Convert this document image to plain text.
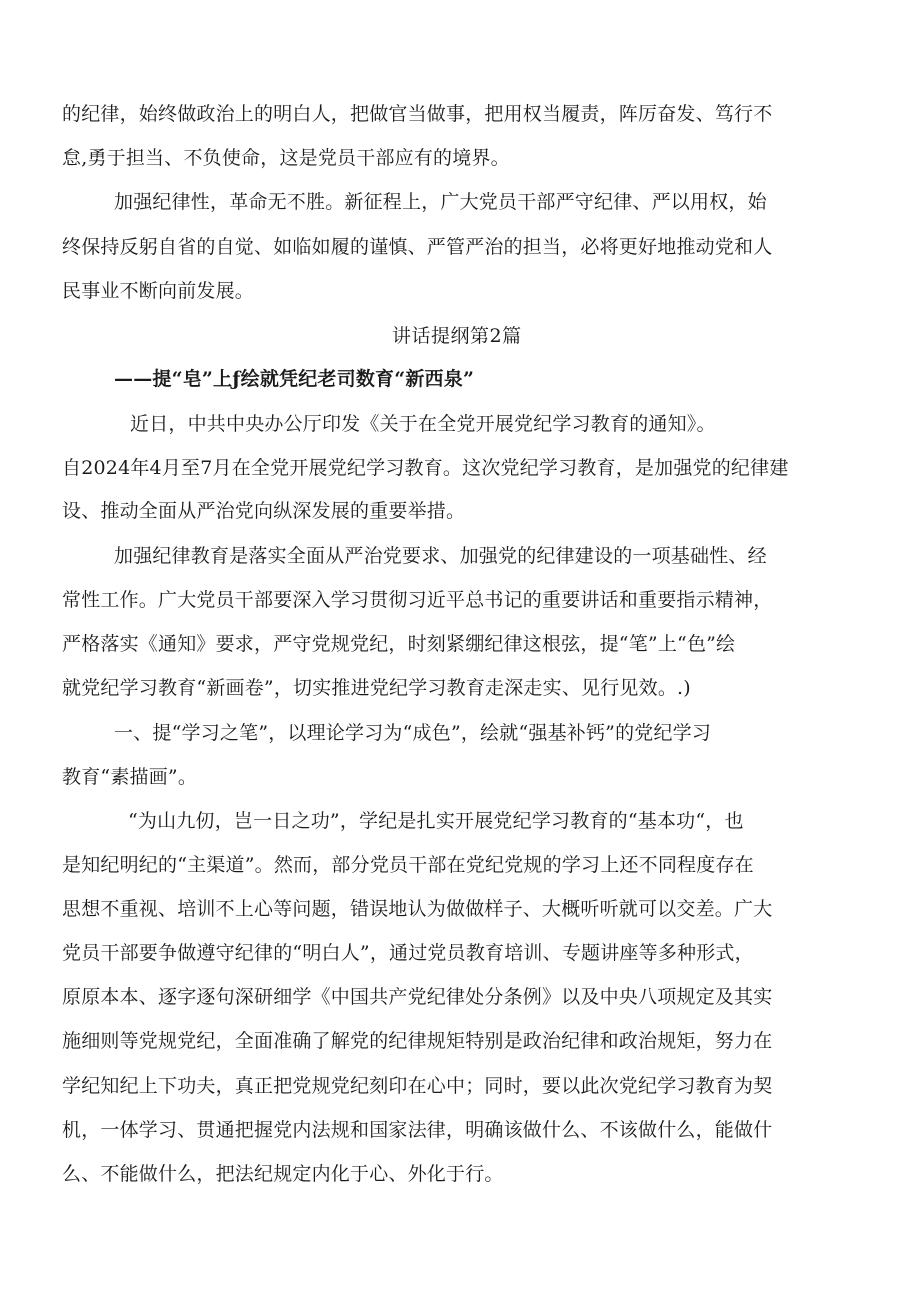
的纪律，始终做政治上的明白人，把做官当做事，把用权当履责，阵厉奋发、笃行不
怠,勇于担当、不负使命，这是党员干部应有的境界。
加强纪律性，革命无不胜。新征程上，广大党员干部严守纪律、严以用权，始
终保持反躬自省的自觉、如临如履的谨慎、严管严治的担当，必将更好地推动党和人
民事业不断向前发展。
讲话提纲第2篇
——提“皂”上ƒ绘就凭纪老司数育“新西泉”
近日，中共中央办公厅印发《关于在全党开展党纪学习教育的通知》。
自2024年4月至7月在全党开展党纪学习教育。这次党纪学习教育，是加强党的纪律建
设、推动全面从严治党向纵深发展的重要举措。
加强纪律教育是落实全面从严治党要求、加强党的纪律建设的一项基础性、经
常性工作。广大党员干部要深入学习贯彻习近平总书记的重要讲话和重要指示精神，
严格落实《通知》要求，严守党规党纪，时刻紧绷纪律这根弦，提“笔”上“色”绘
就党纪学习教育“新画卷”，切实推进党纪学习教育走深走实、见行见效。.)
一、提“学习之笔”，以理论学习为“成色”，绘就“强基补钙”的党纪学习
教育“素描画”。
“为山九仞，岂一日之功”，学纪是扎实开展党纪学习教育的“基本功“，也
是知纪明纪的“主渠道”。然而，部分党员干部在党纪党规的学习上还不同程度存在
思想不重视、培训不上心等问题，错误地认为做做样子、大概听听就可以交差。广大
党员干部要争做遵守纪律的“明白人”，通过党员教育培训、专题讲座等多种形式，
原原本本、逐字逐句深研细学《中国共产党纪律处分条例》以及中央八项规定及其实
施细则等党规党纪，全面准确了解党的纪律规矩特别是政治纪律和政治规矩，努力在
学纪知纪上下功夫，真正把党规党纪刻印在心中；同时，要以此次党纪学习教育为契
机，一体学习、贯通把握党内法规和国家法律，明确该做什么、不该做什么，能做什
么、不能做什么，把法纪规定内化于心、外化于行。
